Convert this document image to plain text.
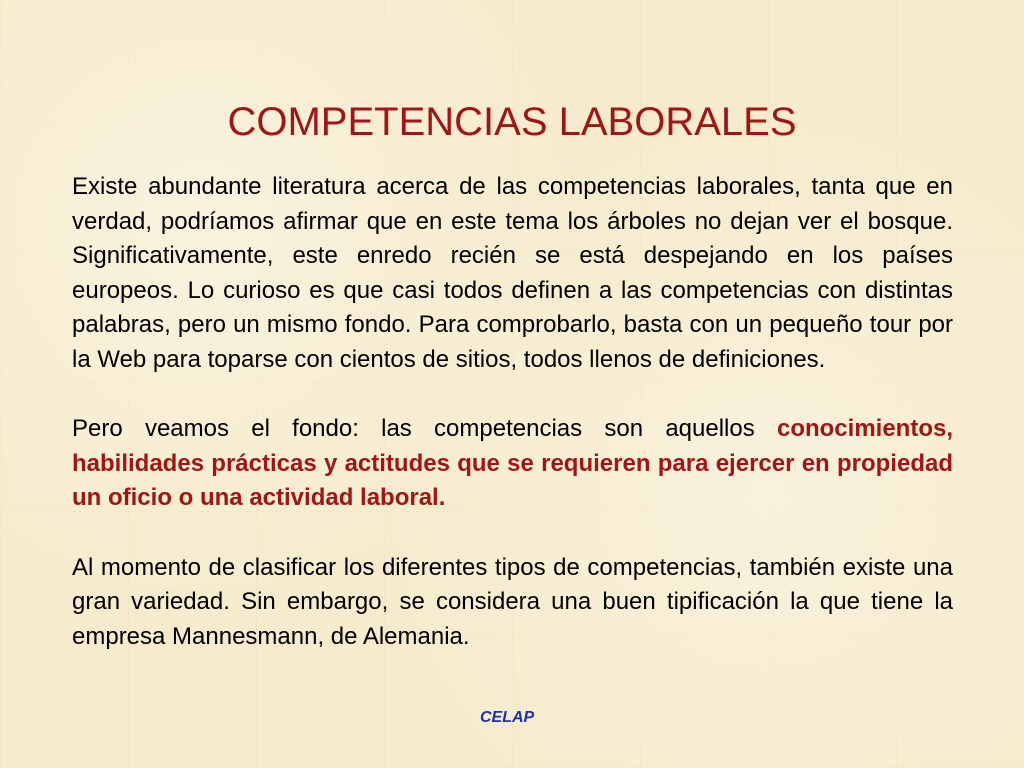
COMPETENCIAS LABORALES

Existe abundante literatura acerca de las competencias laborales, tanta que en verdad, podríamos afirmar que en este tema los árboles no dejan ver el bosque. Significativamente, este enredo recién se está despejando en los países europeos. Lo curioso es que casi todos definen a las competencias con distintas palabras, pero un mismo fondo. Para comprobarlo, basta con un pequeño tour por la Web para toparse con cientos de sitios, todos llenos de definiciones.

Pero veamos el fondo: las competencias son aquellos conocimientos, habilidades prácticas y actitudes que se requieren para ejercer en propiedad un oficio o una actividad laboral.

Al momento de clasificar los diferentes tipos de competencias, también existe una gran variedad. Sin embargo, se considera una buen tipificación la que tiene la empresa Mannesmann, de Alemania.

CELAP
